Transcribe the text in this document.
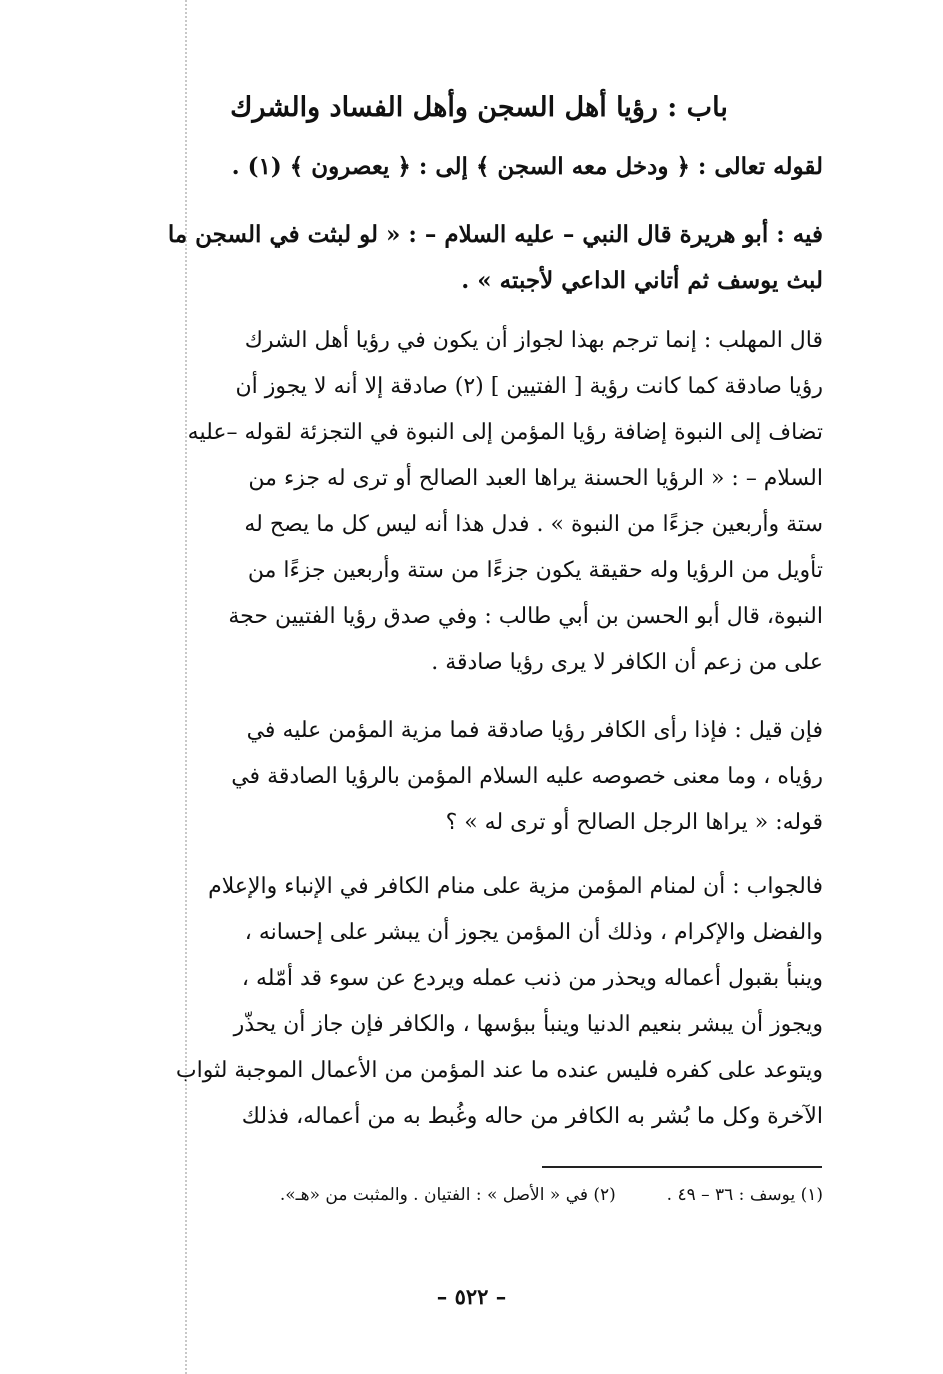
باب : رؤيا أهل السجن وأهل الفساد والشرك

لقوله تعالى : ﴿ ودخل معه السجن ﴾ إلى : ﴿ يعصرون ﴾ (١) .

فيه : أبو هريرة قال النبي – عليه السلام – : « لو لبثت في السجن ما

لبث يوسف ثم أتاني الداعي لأجبته » .

قال المهلب : إنما ترجم بهذا لجواز أن يكون في رؤيا أهل الشرك

رؤيا صادقة كما كانت رؤية [ الفتيين ] (٢) صادقة إلا أنه لا يجوز أن

تضاف إلى النبوة إضافة رؤيا المؤمن إلى النبوة في التجزئة لقوله –عليه

السلام – : « الرؤيا الحسنة يراها العبد الصالح أو ترى له جزء من

ستة وأربعين جزءًا من النبوة » . فدل هذا أنه ليس كل ما يصح له

تأويل من الرؤيا وله حقيقة يكون جزءًا من ستة وأربعين جزءًا من

النبوة، قال أبو الحسن بن أبي طالب : وفي صدق رؤيا الفتيين حجة

على من زعم أن الكافر لا يرى رؤيا صادقة .

فإن قيل : فإذا رأى الكافر رؤيا صادقة فما مزية المؤمن عليه في

رؤياه ، وما معنى خصوصه عليه السلام المؤمن بالرؤيا الصادقة في

قوله: « يراها الرجل الصالح أو ترى له » ؟

فالجواب : أن لمنام المؤمن مزية على منام الكافر في الإنباء والإعلام

والفضل والإكرام ، وذلك أن المؤمن يجوز أن يبشر على إحسانه ،

وينبأ بقبول أعماله ويحذر من ذنب عمله ويردع عن سوء قد أمّله ،

ويجوز أن يبشر بنعيم الدنيا وينبأ ببؤسها ، والكافر فإن جاز أن يحذّر

ويتوعد على كفره فليس عنده ما عند المؤمن من الأعمال الموجبة لثواب

الآخرة وكل ما بُشر به الكافر من حاله وغُبط به من أعماله، فذلك

(١) يوسف : ٣٦ – ٤٩ .  (٢) في « الأصل » : الفتيان . والمثبت من «هـ».

– ٥٢٢ –
